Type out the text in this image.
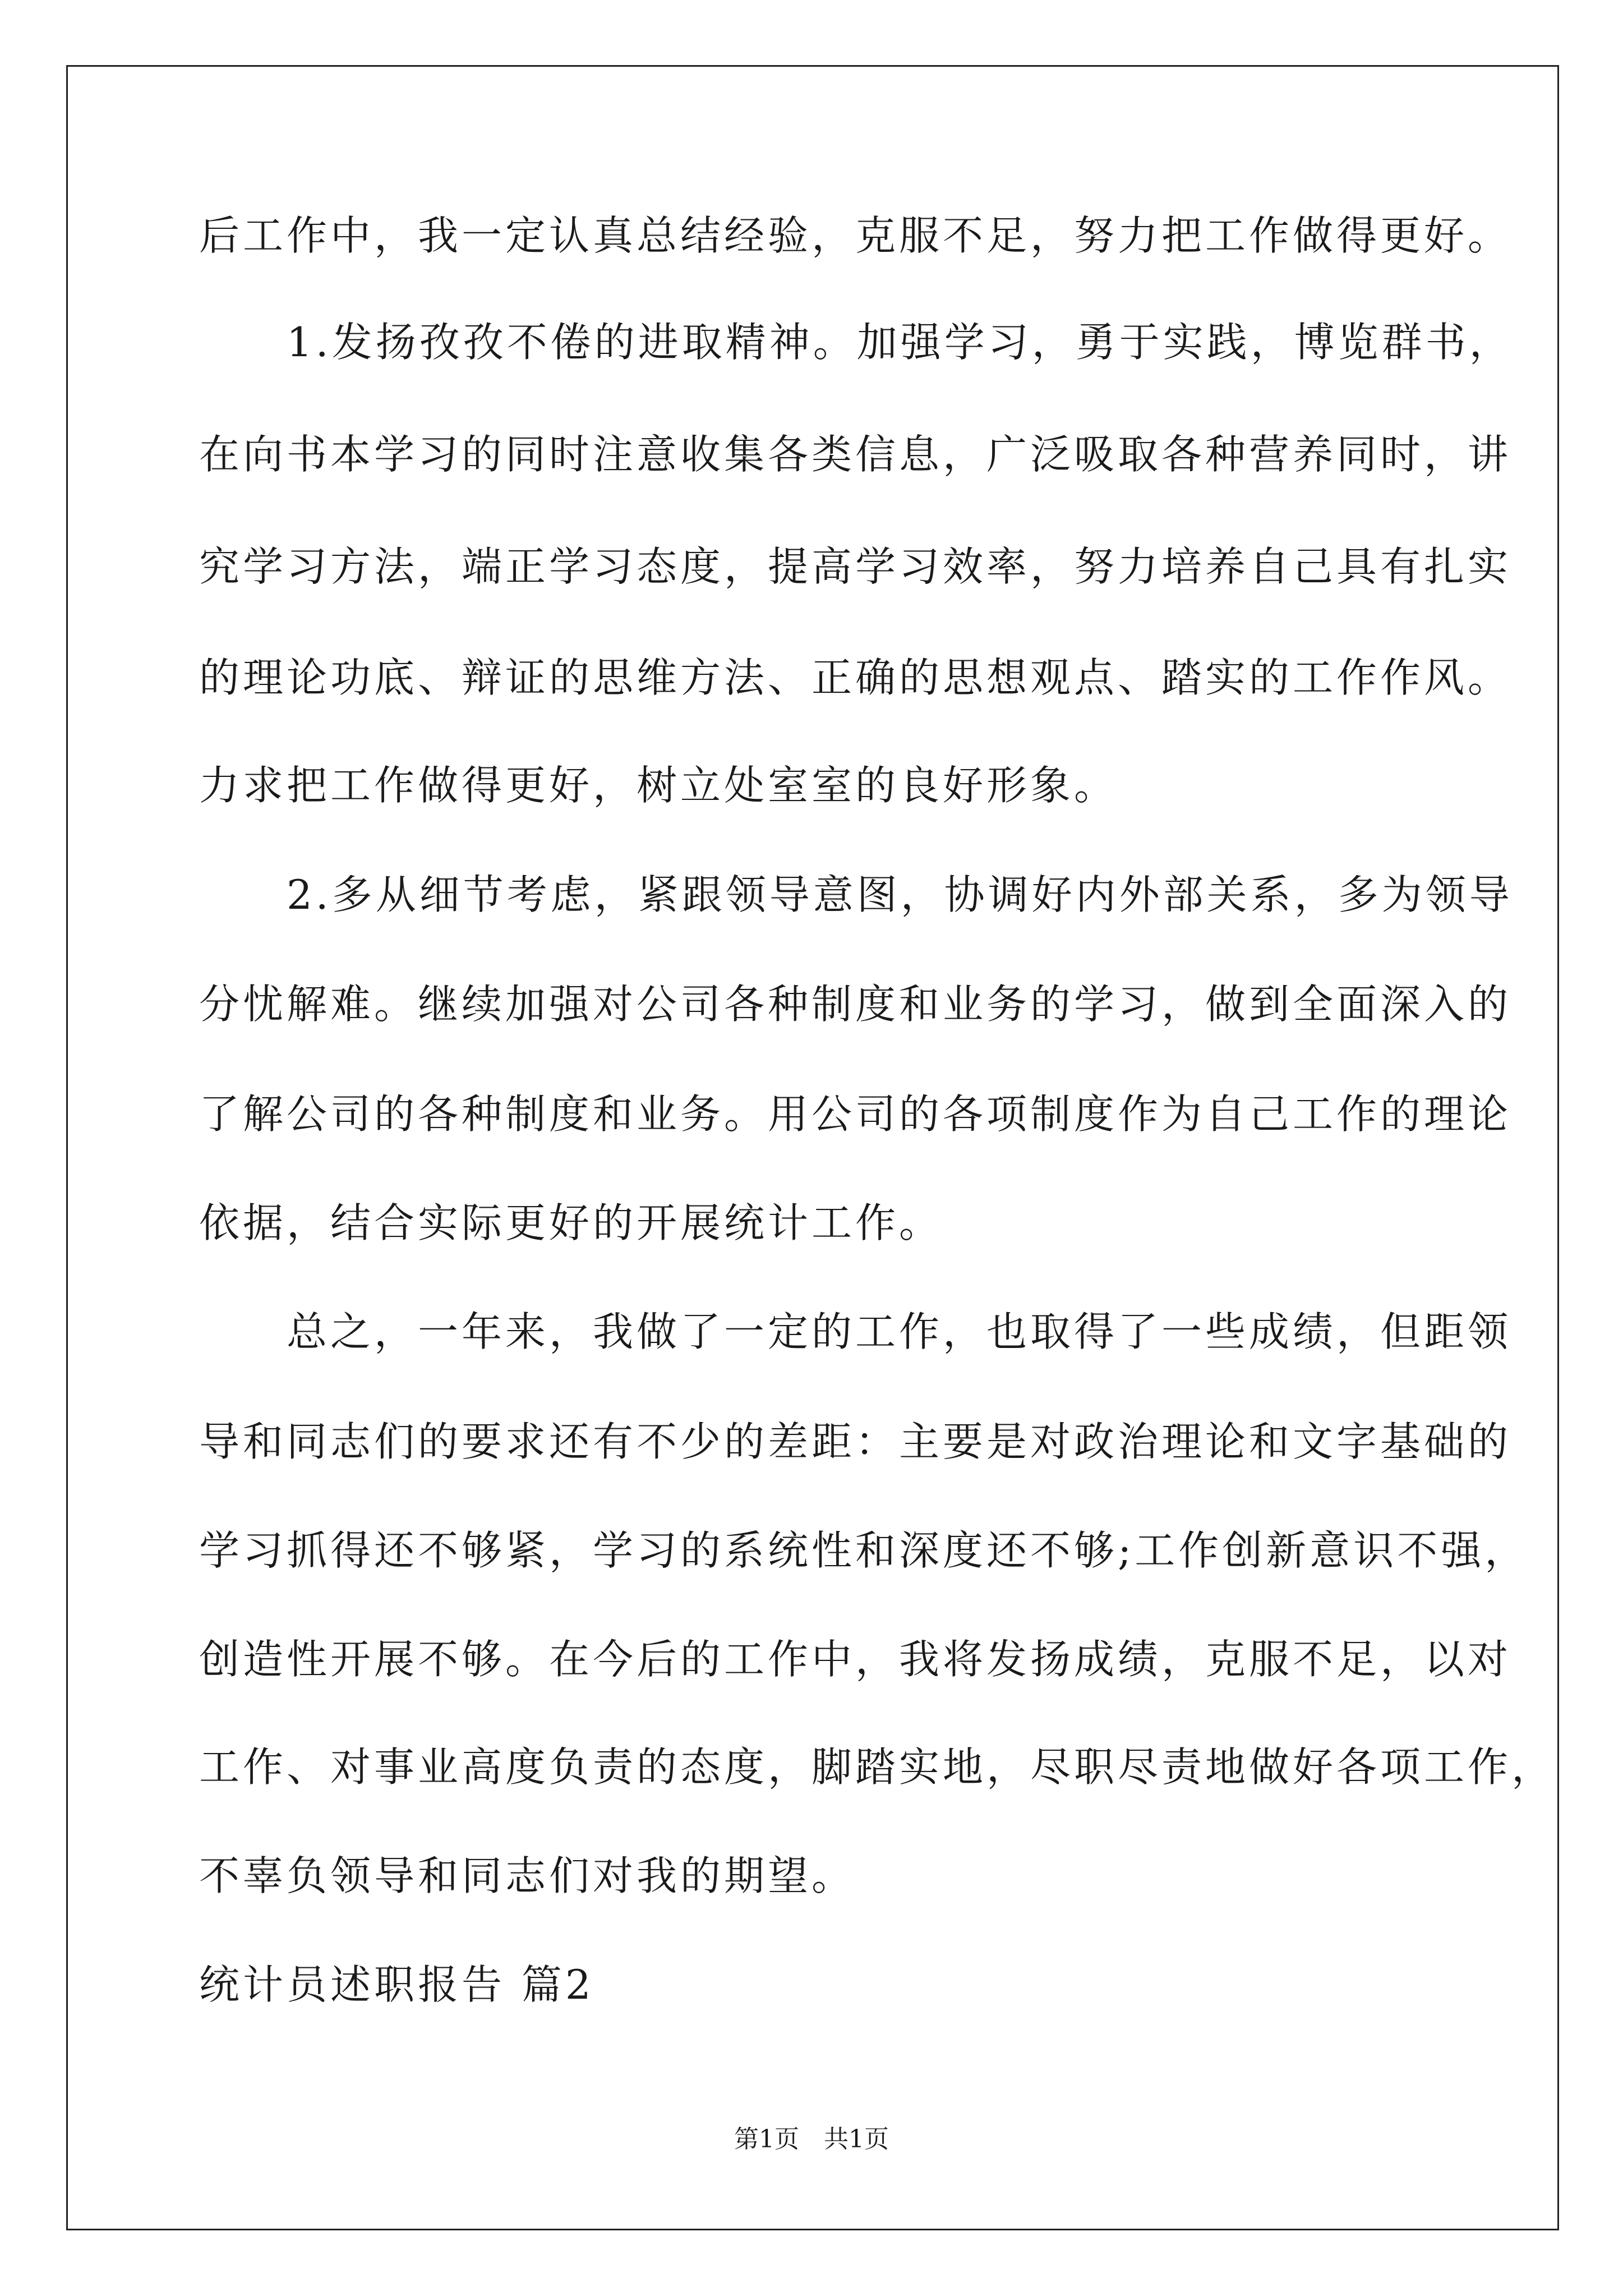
后工作中，我一定认真总结经验，克服不足，努力把工作做得更好。
　　1.发扬孜孜不倦的进取精神。加强学习，勇于实践，博览群书，
在向书本学习的同时注意收集各类信息，广泛吸取各种营养同时，讲
究学习方法，端正学习态度，提高学习效率，努力培养自己具有扎实
的理论功底、辩证的思维方法、正确的思想观点、踏实的工作作风。
力求把工作做得更好，树立处室室的良好形象。
　　2.多从细节考虑，紧跟领导意图，协调好内外部关系，多为领导
分忧解难。继续加强对公司各种制度和业务的学习，做到全面深入的
了解公司的各种制度和业务。用公司的各项制度作为自己工作的理论
依据，结合实际更好的开展统计工作。
　　总之，一年来，我做了一定的工作，也取得了一些成绩，但距领
导和同志们的要求还有不少的差距：主要是对政治理论和文字基础的
学习抓得还不够紧，学习的系统性和深度还不够;工作创新意识不强，
创造性开展不够。在今后的工作中，我将发扬成绩，克服不足，以对
工作、对事业高度负责的态度，脚踏实地，尽职尽责地做好各项工作，
不辜负领导和同志们对我的期望。
统计员述职报告 篇2
第1页　共1页
